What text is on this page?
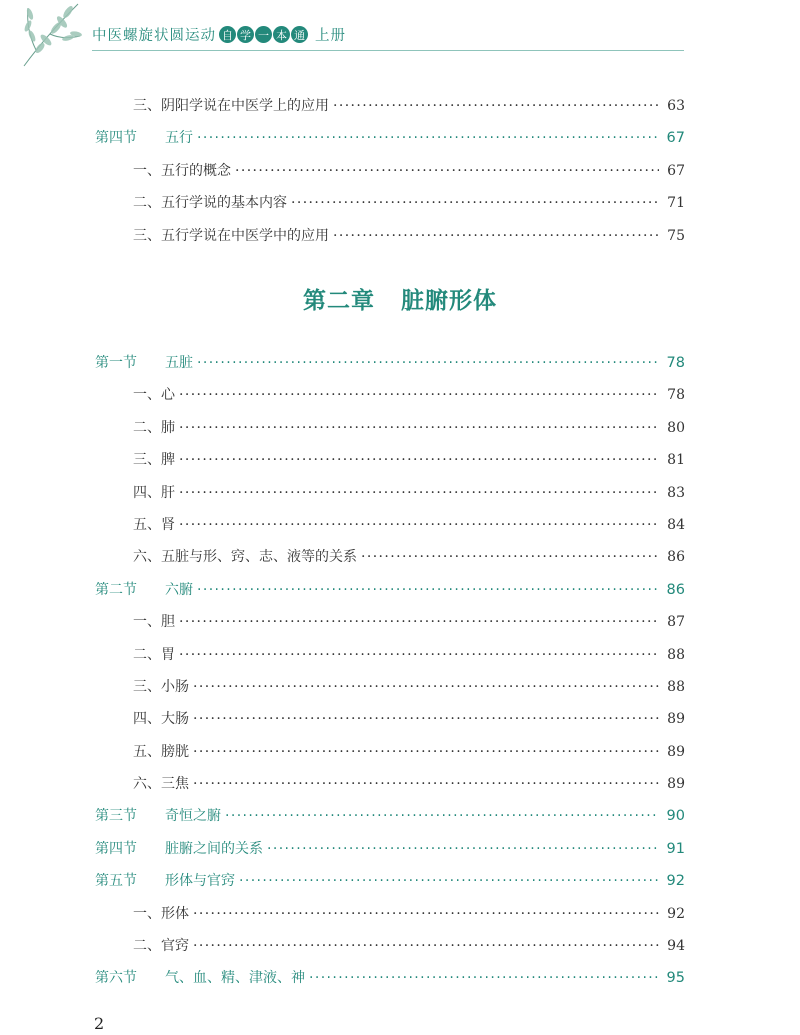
中医螺旋状圆运动 自 学 一 本 通 上册
三、阴阳学说在中医学上的应用 ·····	63
第四节	五行 ·····	67
一、五行的概念 ·····	67
二、五行学说的基本内容 ·····	71
三、五行学说在中医学中的应用 ·····	75
第二章 脏腑形体
第一节	五脏 ·····	78
一、心 ·····	78
二、肺 ·····	80
三、脾 ·····	81
四、肝 ·····	83
五、肾 ·····	84
六、五脏与形、窍、志、液等的关系 ·····	86
第二节	六腑 ·····	86
一、胆 ·····	87
二、胃 ·····	88
三、小肠 ·····	88
四、大肠 ·····	89
五、膀胱 ·····	89
六、三焦 ·····	89
第三节	奇恒之腑 ·····	90
第四节	脏腑之间的关系 ·····	91
第五节	形体与官窍 ·····	92
一、形体 ·····	92
二、官窍 ·····	94
第六节	气、血、精、津液、神 ·····	95
2
